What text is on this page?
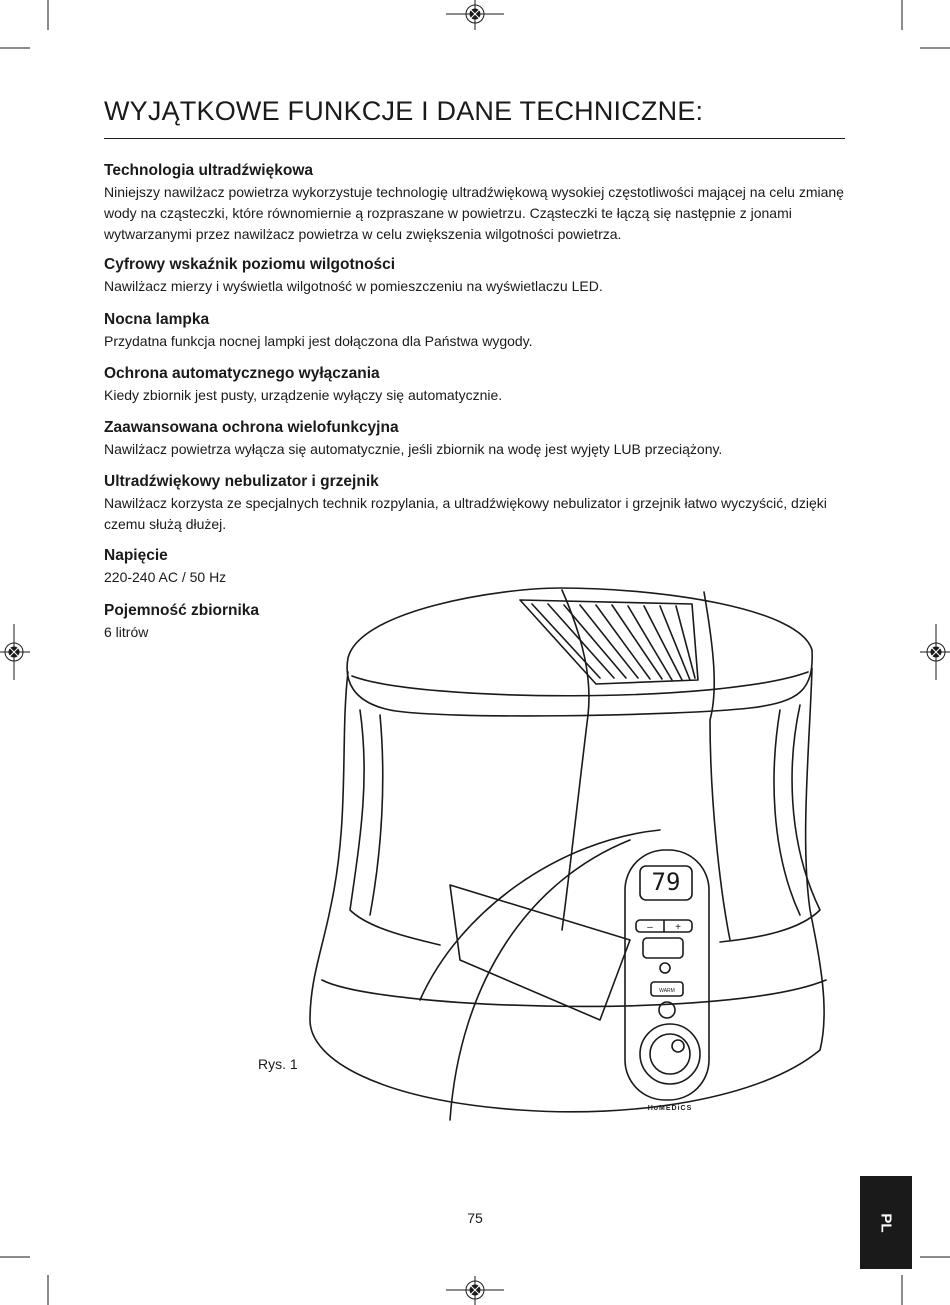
WYJĄTKOWE FUNKCJE I DANE TECHNICZNE:
Technologia ultradźwiękowa

Niniejszy nawilżacz powietrza wykorzystuje technologię ultradźwiękową wysokiej częstotliwości mającej na celu zmianę wody na cząsteczki, które równomiernie ą rozpraszane w powietrzu. Cząsteczki te łączą się następnie z jonami wytwarzanymi przez nawilżacz powietrza w celu zwiększenia wilgotności powietrza.

Cyfrowy wskaźnik poziomu wilgotności

Nawilżacz mierzy i wyświetla wilgotność w pomieszczeniu na wyświetlaczu LED.

Nocna lampka

Przydatna funkcja nocnej lampki jest dołączona dla Państwa wygody.

Ochrona automatycznego wyłączania

Kiedy zbiornik jest pusty, urządzenie wyłączy się automatycznie.

Zaawansowana ochrona wielofunkcyjna

Nawilżacz powietrza wyłącza się automatycznie, jeśli zbiornik na wodę jest wyjęty LUB przeciążony.

Ultradźwiękowy nebulizator i grzejnik

Nawilżacz korzysta ze specjalnych technik rozpylania, a ultradźwiękowy nebulizator i grzejnik łatwo wyczyścić, dzięki czemu służą dłużej.

Napięcie

220-240 AC / 50 Hz

Pojemność zbiornika

6 litrów

79
– +
WARM
HoMEDiCS
Rys. 1
75	PL
